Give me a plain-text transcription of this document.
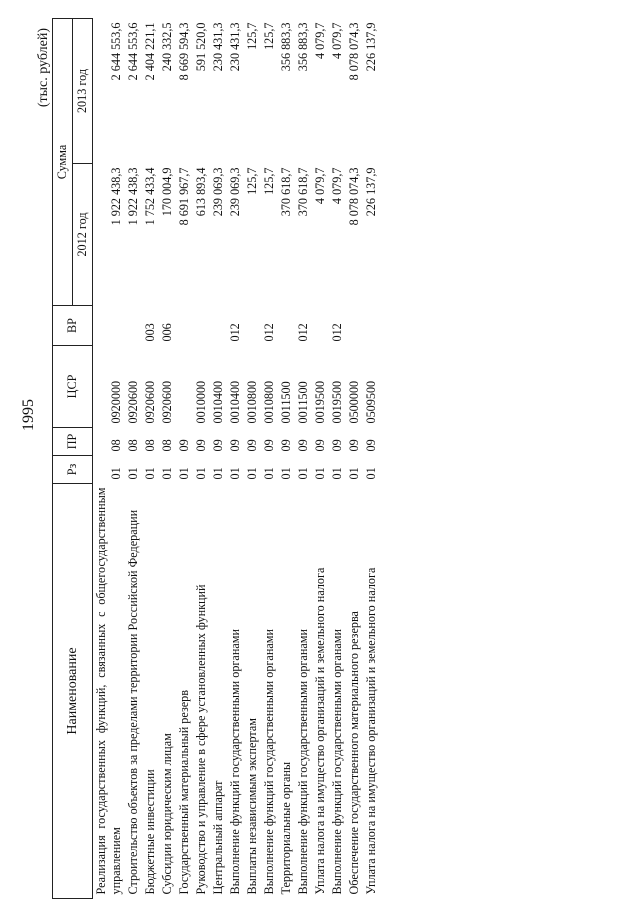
1995
(тыс. рублей)
Наименование	Рз	ПР	ЦСР	ВР	Сумма	
					2012 год	2013 год
Реализация государственных функций, связанных с общегосударственным управлением	01	08	0920000		1 922 438,3	2 644 553,6
Строительство объектов за пределами территории Российской Федерации	01	08	0920600		1 922 438,3	2 644 553,6
Бюджетные инвестиции	01	08	0920600	003	1 752 433,4	2 404 221,1
Субсидии юридическим лицам	01	08	0920600	006	170 004,9	240 332,5
Государственный материальный резерв	01	09			8 691 967,7	8 669 594,3
Руководство и управление в сфере установленных функций	01	09	0010000		613 893,4	591 520,0
Центральный аппарат	01	09	0010400		239 069,3	230 431,3
Выполнение функций государственными органами	01	09	0010400	012	239 069,3	230 431,3
Выплаты независимым экспертам	01	09	0010800		125,7	125,7
Выполнение функций государственными органами	01	09	0010800	012	125,7	125,7
Территориальные органы	01	09	0011500		370 618,7	356 883,3
Выполнение функций государственными органами	01	09	0011500	012	370 618,7	356 883,3
Уплата налога на имущество организаций и земельного налога	01	09	0019500		4 079,7	4 079,7
Выполнение функций государственными органами	01	09	0019500	012	4 079,7	4 079,7
Обеспечение государственного материального резерва	01	09	0500000		8 078 074,3	8 078 074,3
Уплата налога на имущество организаций и земельного налога	01	09	0509500		226 137,9	226 137,9
